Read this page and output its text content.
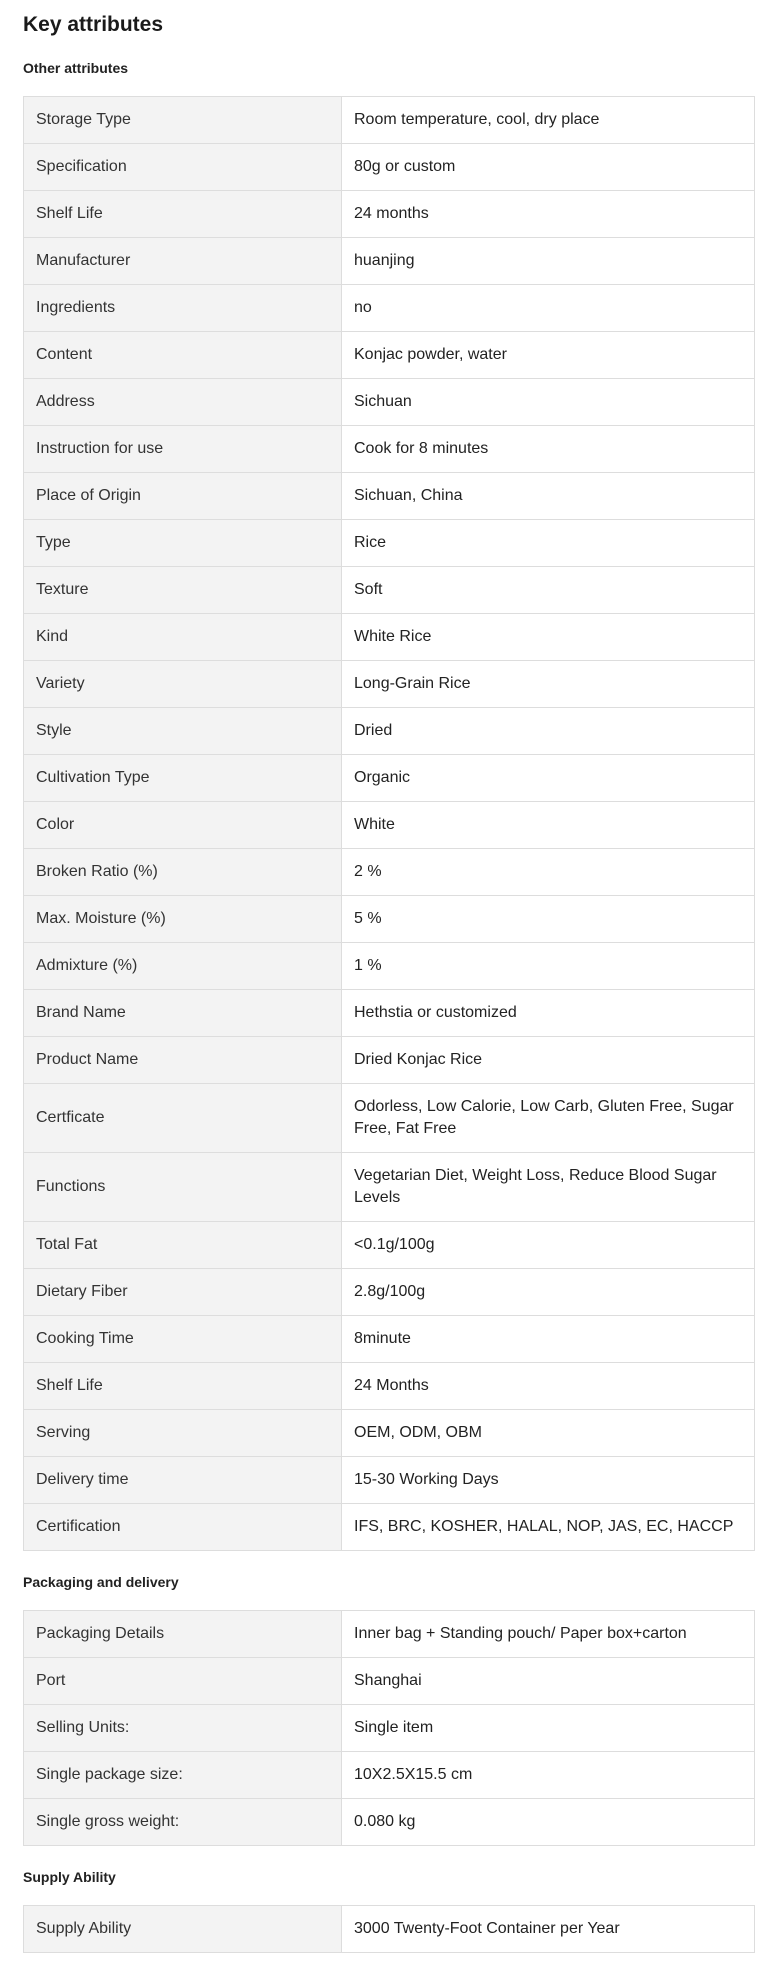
Key attributes
Other attributes
Storage Type	Room temperature, cool, dry place
Specification	80g or custom
Shelf Life	24 months
Manufacturer	huanjing
Ingredients	no
Content	Konjac powder, water
Address	Sichuan
Instruction for use	Cook for 8 minutes
Place of Origin	Sichuan, China
Type	Rice
Texture	Soft
Kind	White Rice
Variety	Long-Grain Rice
Style	Dried
Cultivation Type	Organic
Color	White
Broken Ratio (%)	2 %
Max. Moisture (%)	5 %
Admixture (%)	1 %
Brand Name	Hethstia or customized
Product Name	Dried Konjac Rice
Certficate	Odorless, Low Calorie, Low Carb, Gluten Free, Sugar Free, Fat Free
Functions	Vegetarian Diet, Weight Loss, Reduce Blood Sugar Levels
Total Fat	<0.1g/100g
Dietary Fiber	2.8g/100g
Cooking Time	8minute
Shelf Life	24 Months
Serving	OEM, ODM, OBM
Delivery time	15-30 Working Days
Certification	IFS, BRC, KOSHER, HALAL, NOP, JAS, EC, HACCP
Packaging and delivery
Packaging Details	Inner bag + Standing pouch/ Paper box+carton
Port	Shanghai
Selling Units:	Single item
Single package size:	10X2.5X15.5 cm
Single gross weight:	0.080 kg
Supply Ability
Supply Ability	3000 Twenty-Foot Container per Year
